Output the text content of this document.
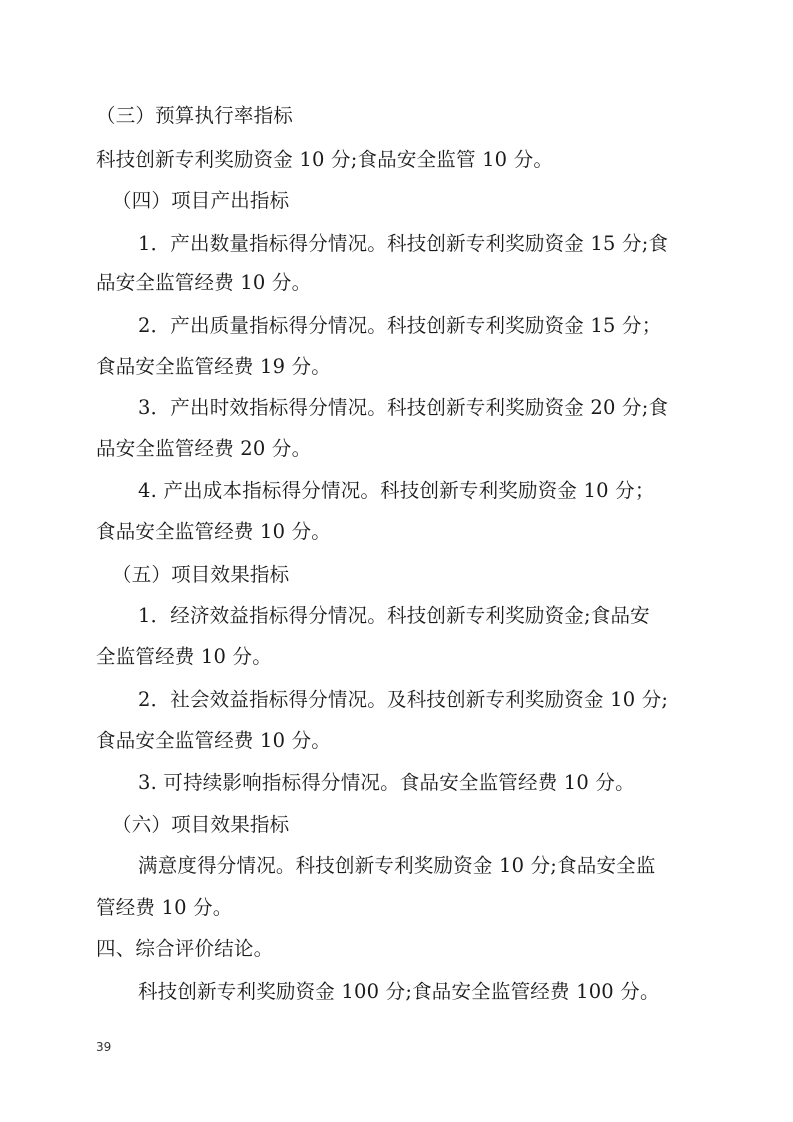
（三）预算执行率指标
科技创新专利奖励资金 10 分;食品安全监管 10 分。
（四）项目产出指标
1．产出数量指标得分情况。科技创新专利奖励资金 15 分;食
品安全监管经费 10 分。
2．产出质量指标得分情况。科技创新专利奖励资金 15 分；
食品安全监管经费 19 分。
3．产出时效指标得分情况。科技创新专利奖励资金 20 分;食
品安全监管经费 20 分。
4. 产出成本指标得分情况。科技创新专利奖励资金 10 分；
食品安全监管经费 10 分。
（五）项目效果指标
1．经济效益指标得分情况。科技创新专利奖励资金;食品安
全监管经费 10 分。
2．社会效益指标得分情况。及科技创新专利奖励资金 10 分;
食品安全监管经费 10 分。
3. 可持续影响指标得分情况。食品安全监管经费 10 分。
（六）项目效果指标
满意度得分情况。科技创新专利奖励资金 10 分;食品安全监
管经费 10 分。
四、综合评价结论。
科技创新专利奖励资金 100 分;食品安全监管经费 100 分。
39
